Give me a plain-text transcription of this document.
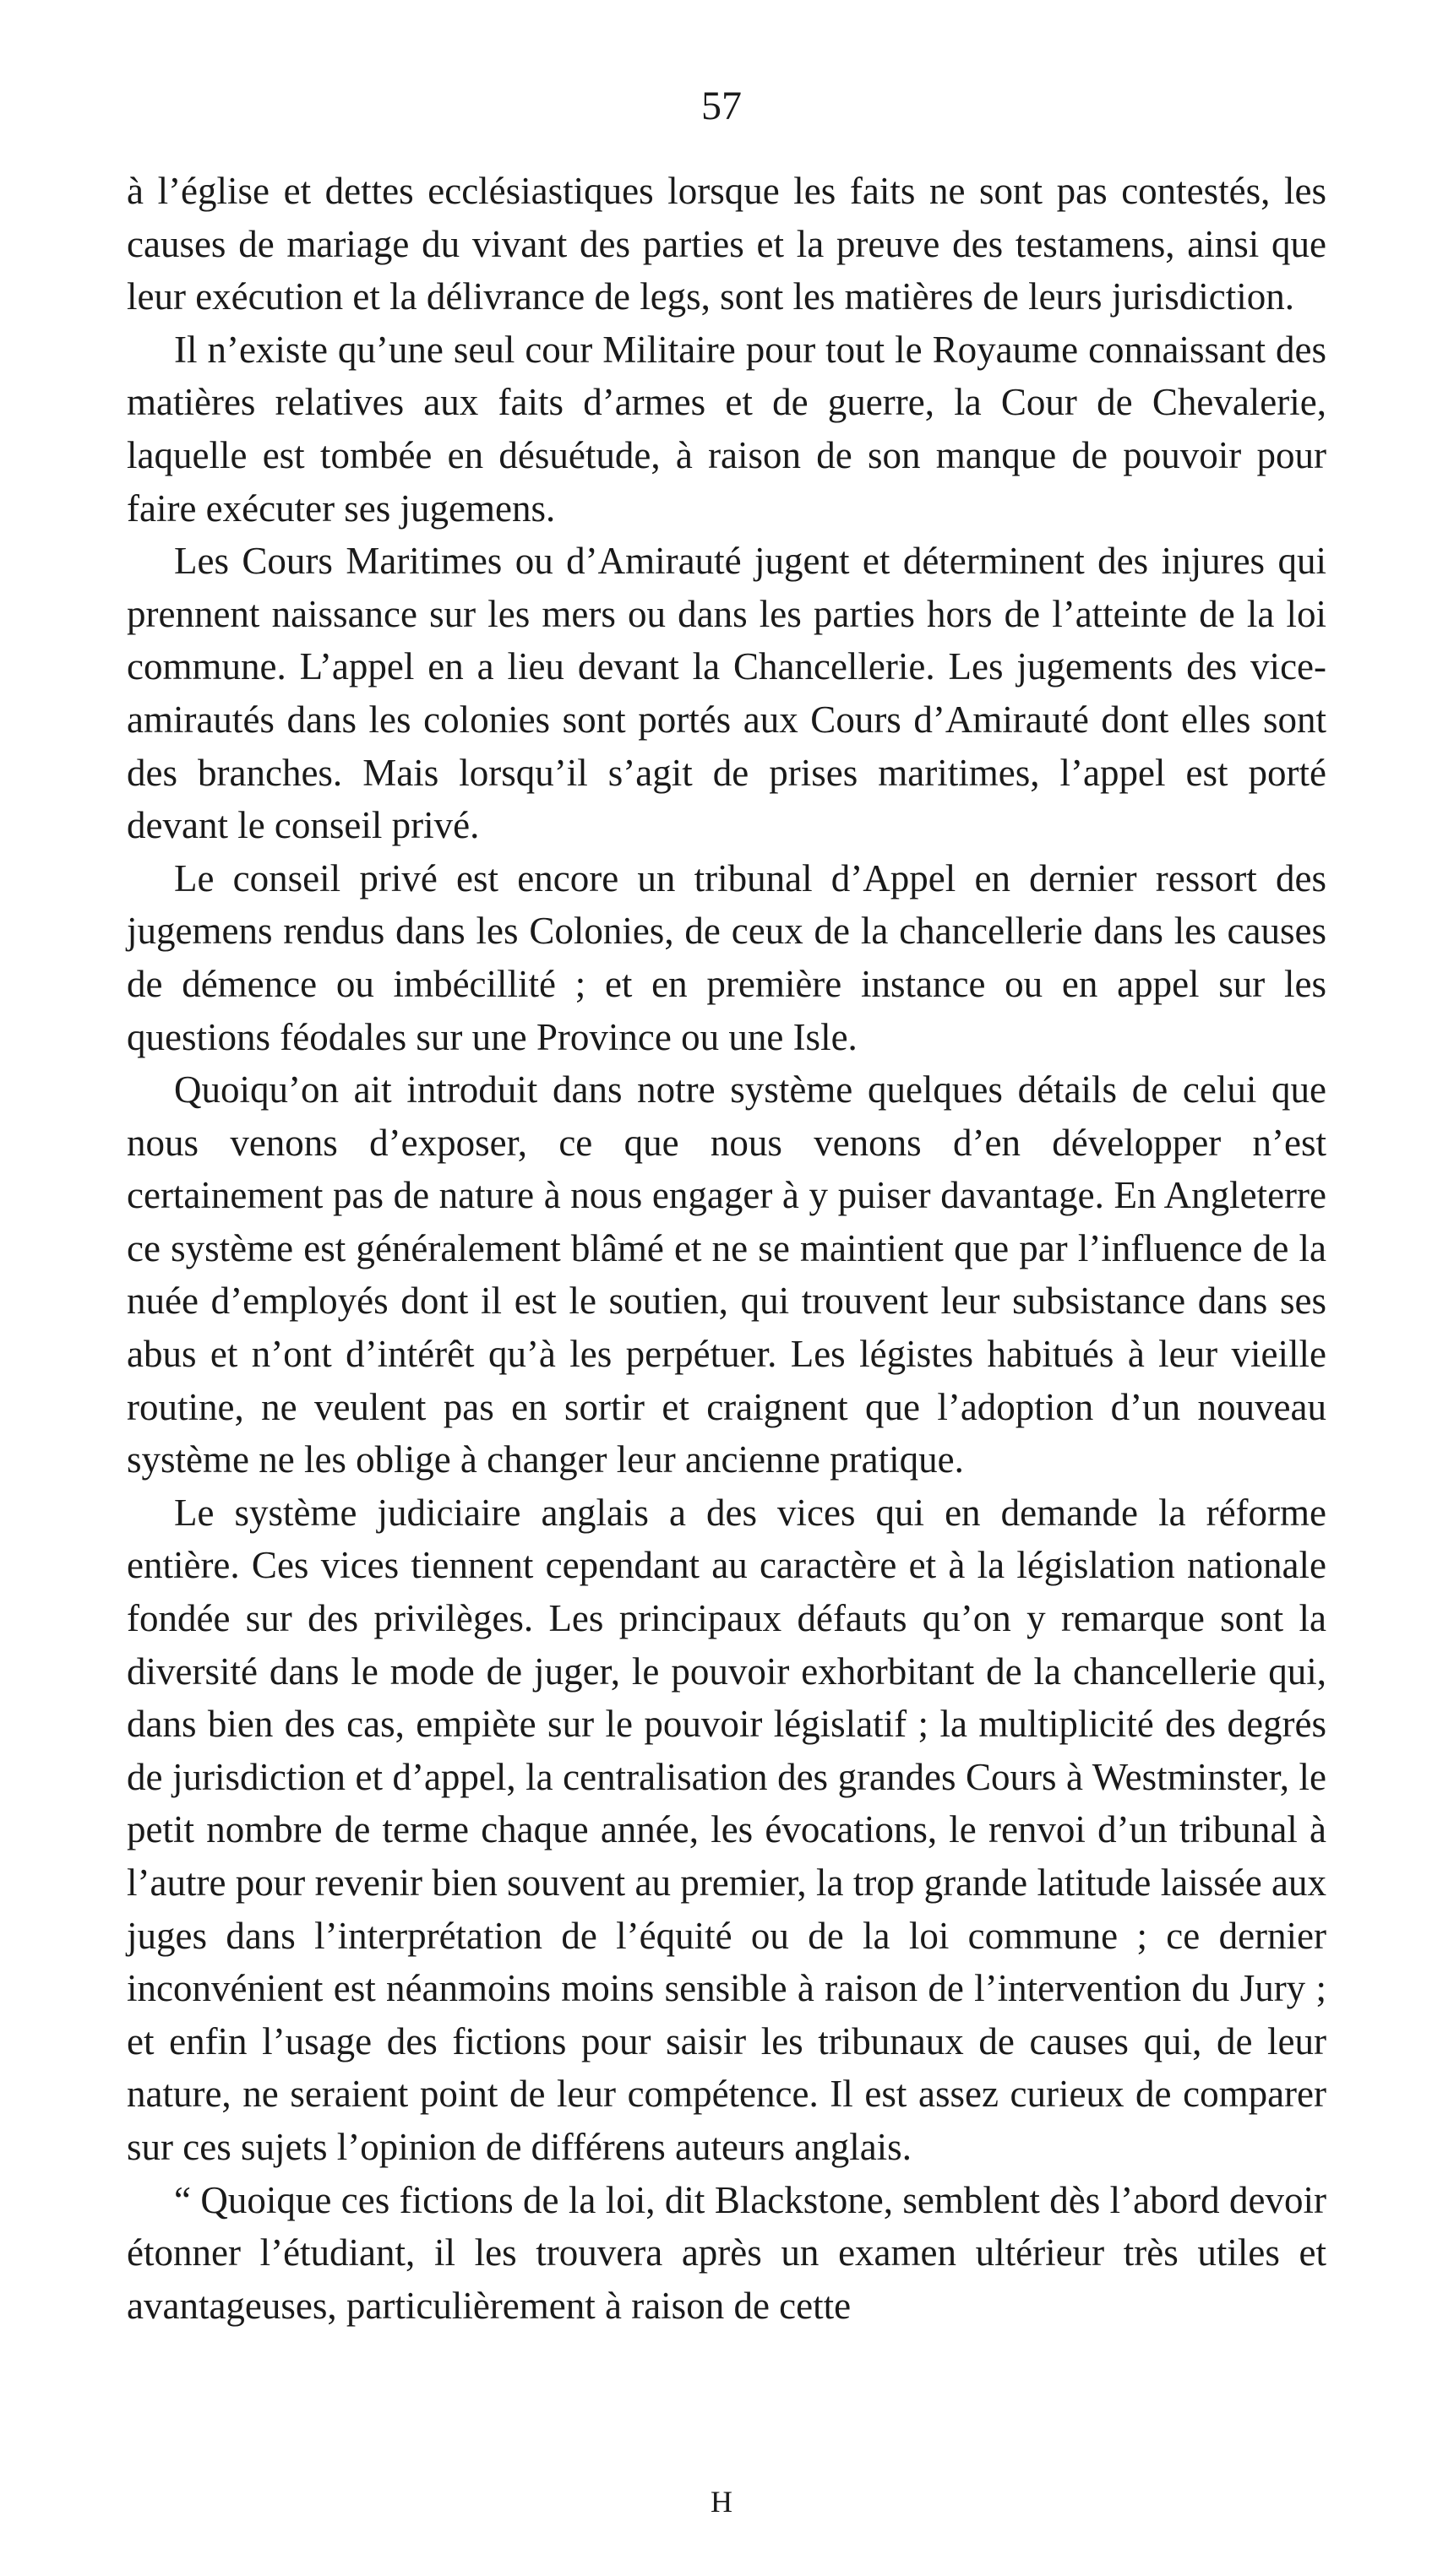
57

à l’église et dettes ecclésiastiques lorsque les faits ne sont pas contestés, les causes de mariage du vivant des parties et la preuve des testamens, ainsi que leur exécution et la délivrance de legs, sont les matières de leurs jurisdiction.

Il n’existe qu’une seul cour Militaire pour tout le Royaume connaissant des matières relatives aux faits d’armes et de guerre, la Cour de Chevalerie, laquelle est tombée en désuétude, à raison de son manque de pouvoir pour faire exécuter ses jugemens.

Les Cours Maritimes ou d’Amirauté jugent et déterminent des injures qui prennent naissance sur les mers ou dans les parties hors de l’atteinte de la loi commune. L’appel en a lieu devant la Chancellerie. Les jugements des vice-amirautés dans les colonies sont portés aux Cours d’Amirauté dont elles sont des branches. Mais lorsqu’il s’agit de prises maritimes, l’appel est porté devant le conseil privé.

Le conseil privé est encore un tribunal d’Appel en dernier ressort des jugemens rendus dans les Colonies, de ceux de la chancellerie dans les causes de démence ou imbécillité ; et en première instance ou en appel sur les questions féodales sur une Province ou une Isle.

Quoiqu’on ait introduit dans notre système quelques détails de celui que nous venons d’exposer, ce que nous venons d’en développer n’est certainement pas de nature à nous engager à y puiser davantage. En Angleterre ce système est généralement blâmé et ne se maintient que par l’influence de la nuée d’employés dont il est le soutien, qui trouvent leur subsistance dans ses abus et n’ont d’intérêt qu’à les perpétuer. Les légistes habitués à leur vieille routine, ne veulent pas en sortir et craignent que l’adoption d’un nouveau système ne les oblige à changer leur ancienne pratique.

Le système judiciaire anglais a des vices qui en demande la réforme entière. Ces vices tiennent cependant au caractère et à la législation nationale fondée sur des privilèges. Les principaux défauts qu’on y remarque sont la diversité dans le mode de juger, le pouvoir exhorbitant de la chancellerie qui, dans bien des cas, empiète sur le pouvoir législatif ; la multiplicité des degrés de jurisdiction et d’appel, la centralisation des grandes Cours à Westminster, le petit nombre de terme chaque année, les évocations, le renvoi d’un tribunal à l’autre pour revenir bien souvent au premier, la trop grande latitude laissée aux juges dans l’interprétation de l’équité ou de la loi commune ; ce dernier inconvénient est néanmoins moins sensible à raison de l’intervention du Jury ; et enfin l’usage des fictions pour saisir les tribunaux de causes qui, de leur nature, ne seraient point de leur compétence. Il est assez curieux de comparer sur ces sujets l’opinion de différens auteurs anglais.

“ Quoique ces fictions de la loi, dit Blackstone, semblent dès l’abord devoir étonner l’étudiant, il les trouvera après un examen ultérieur très utiles et avantageuses, particulièrement à raison de cette

H
